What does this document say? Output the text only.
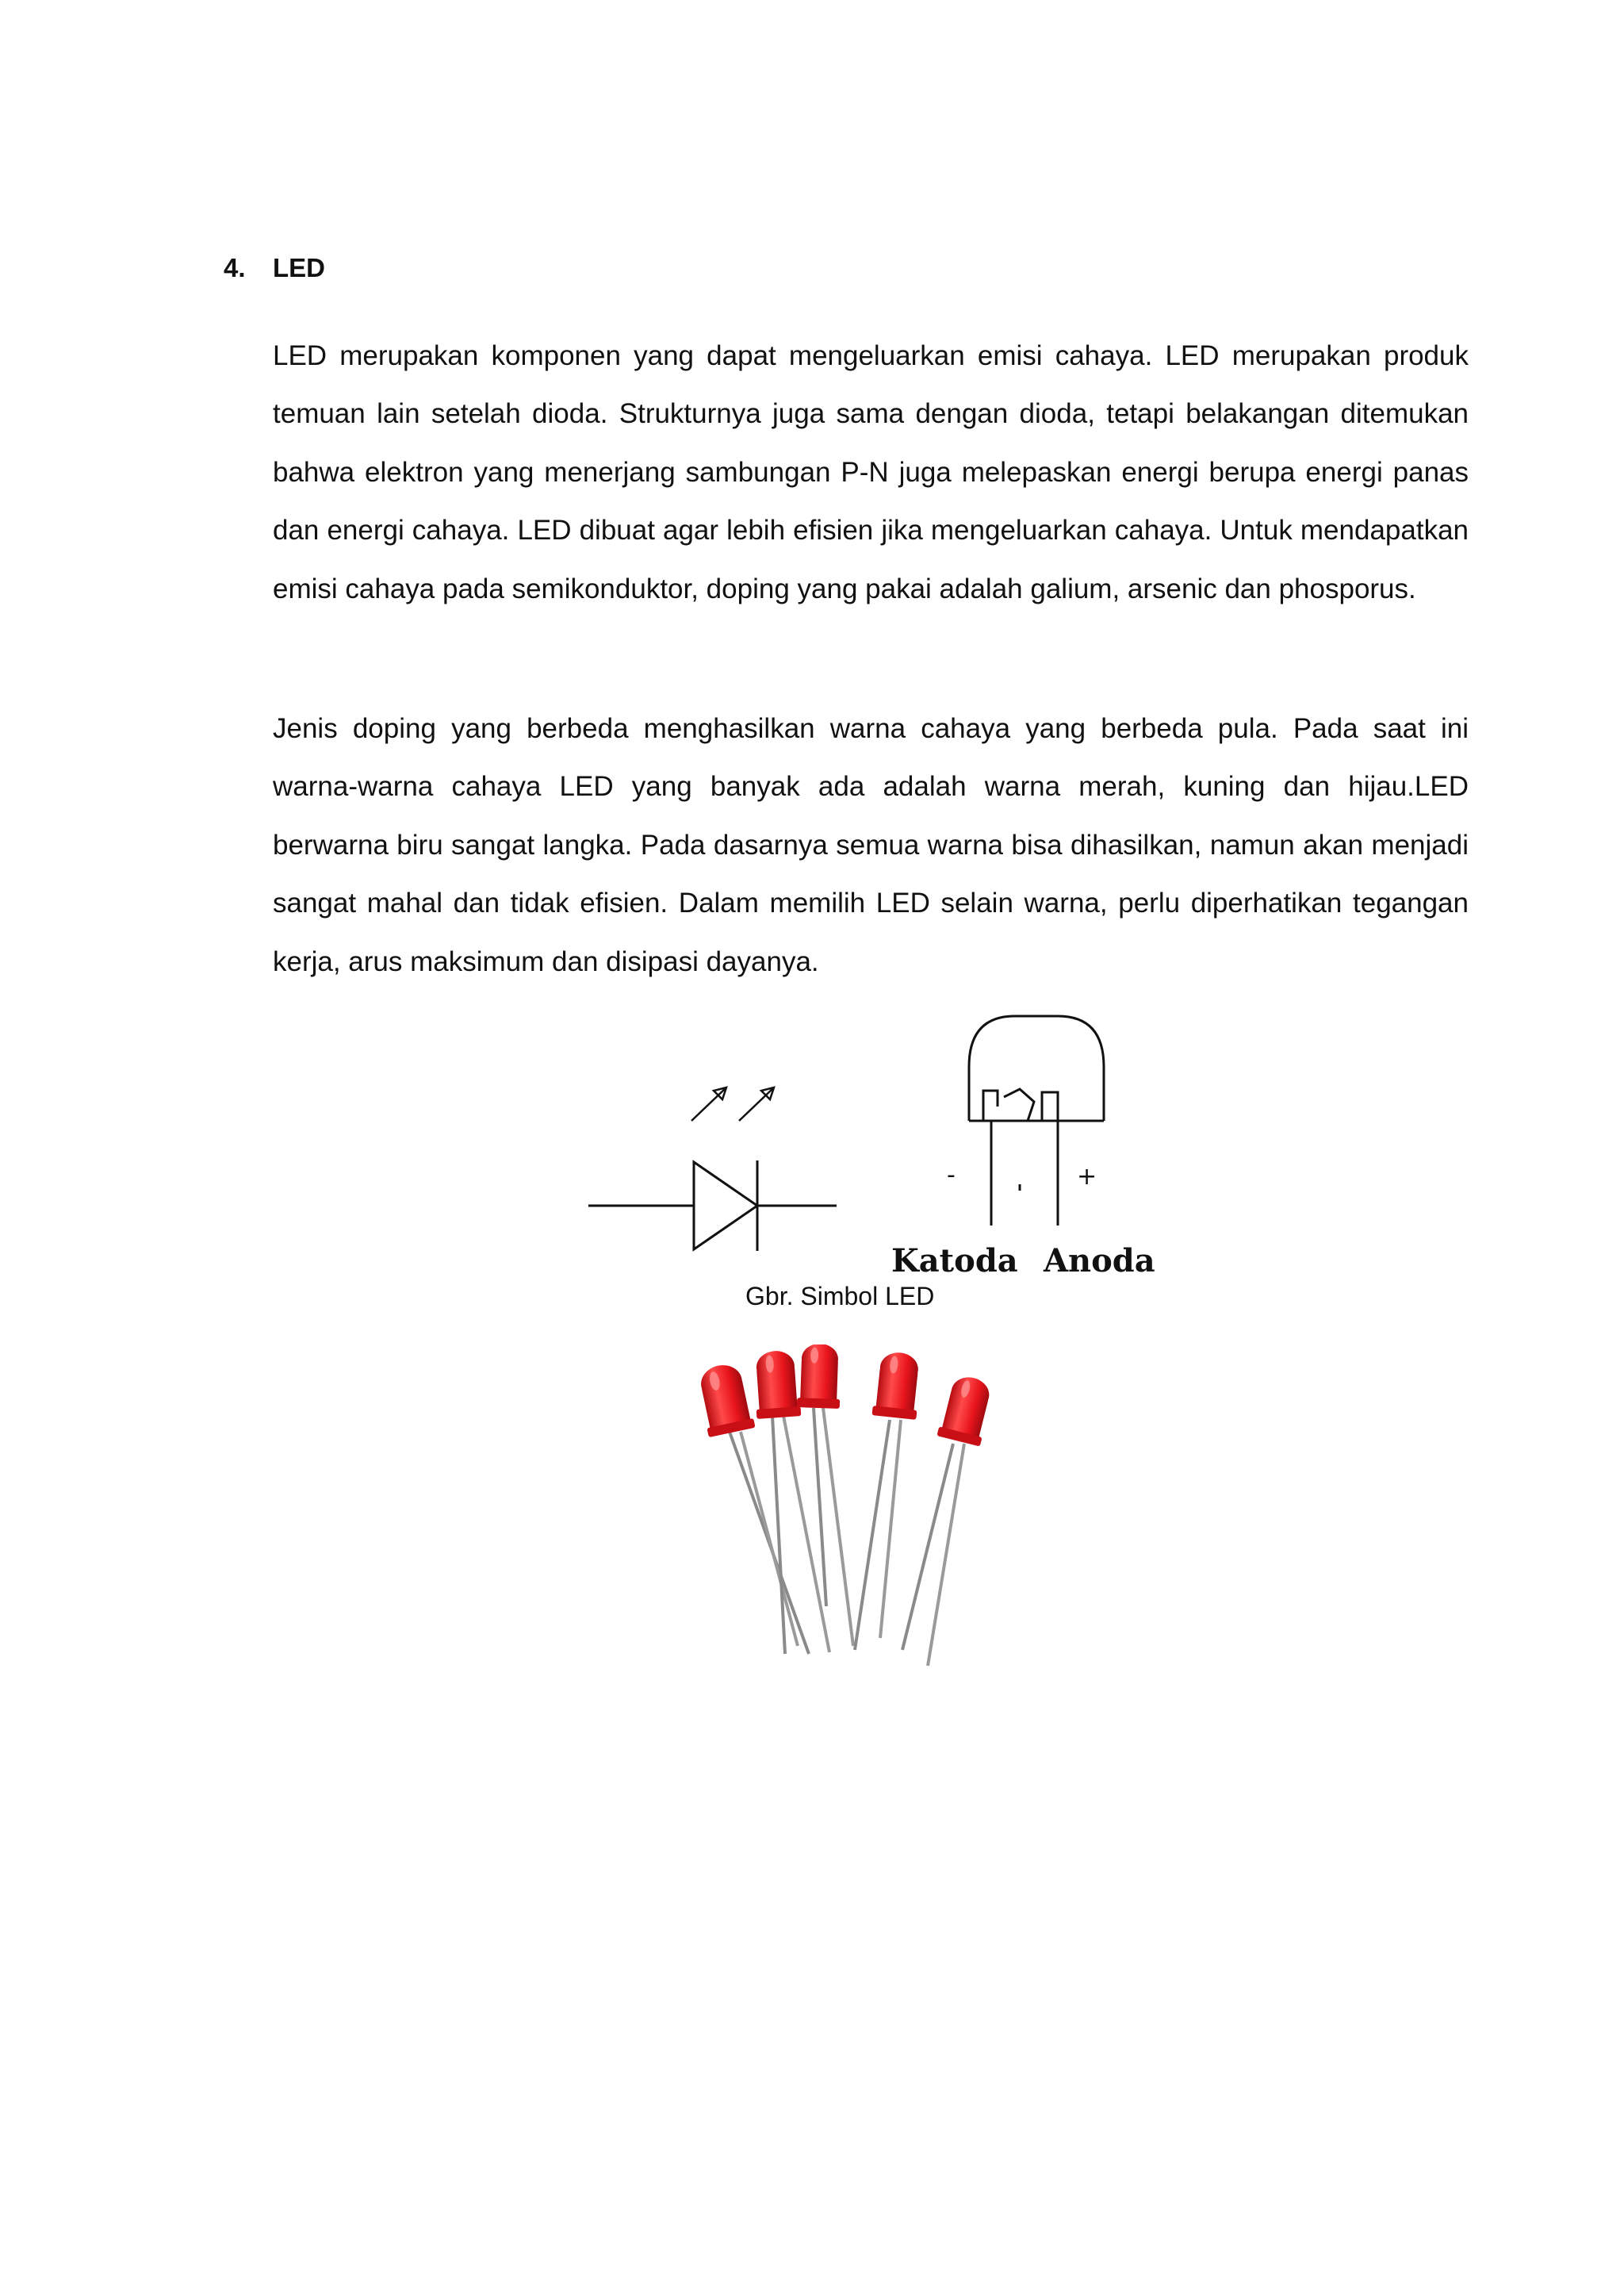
4. LED

LED merupakan komponen yang dapat mengeluarkan emisi cahaya. LED merupakan produk temuan lain setelah dioda. Strukturnya juga sama dengan dioda, tetapi belakangan ditemukan bahwa elektron yang menerjang sambungan P-N juga melepaskan energi berupa energi panas dan energi cahaya. LED dibuat agar lebih efisien jika mengeluarkan cahaya. Untuk mendapatkan emisi cahaya pada semikonduktor, doping yang pakai adalah galium, arsenic dan phosporus.

Jenis doping yang berbeda menghasilkan warna cahaya yang berbeda pula. Pada saat ini warna-warna cahaya LED yang banyak ada adalah warna merah, kuning dan hijau.LED berwarna biru sangat langka. Pada dasarnya semua warna bisa dihasilkan, namun akan menjadi sangat mahal dan tidak efisien. Dalam memilih LED selain warna, perlu diperhatikan tegangan kerja, arus maksimum dan disipasi dayanya.

-	+
Katoda Anoda
Gbr. Simbol LED
